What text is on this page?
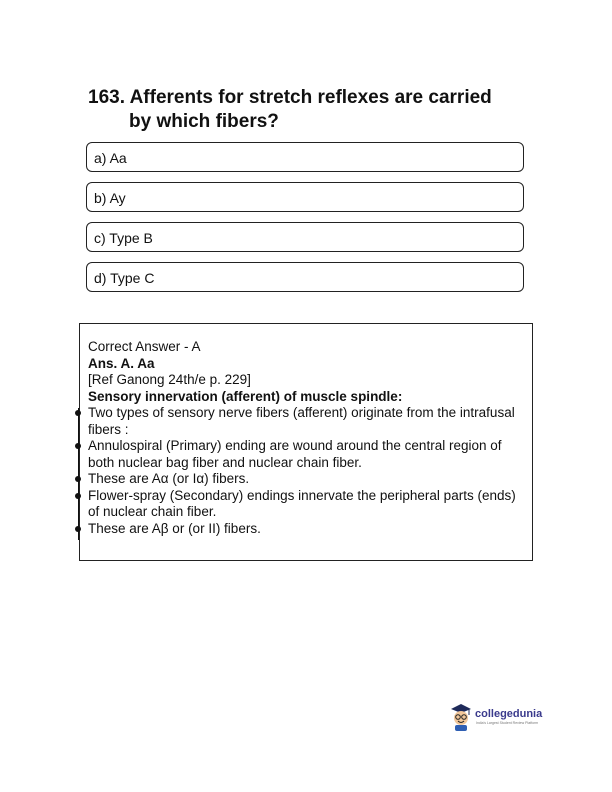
163. Afferents for stretch reflexes are carried
by which fibers?
a) Aa
b) Ay
c) Type B
d) Type C
Correct Answer - A
Ans. A. Aa
[Ref Ganong 24th/e p. 229]
Sensory innervation (afferent) of muscle spindle:
Two types of sensory nerve fibers (afferent) originate from the intrafusal fibers :
Annulospiral (Primary) ending are wound around the central region of both nuclear bag fiber and nuclear chain fiber.
These are Aα (or Iα) fibers.
Flower-spray (Secondary) endings innervate the peripheral parts (ends) of nuclear chain fiber.
These are Aβ or (or II) fibers.
collegedunia
India's Largest Student Review Platform
